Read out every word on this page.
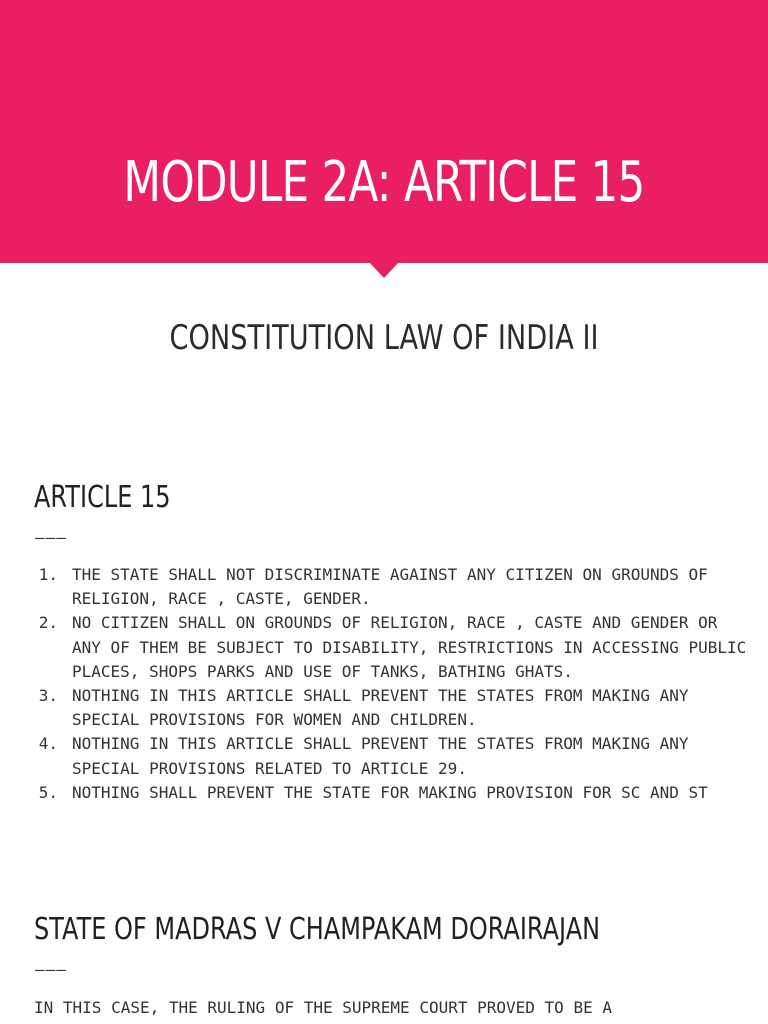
MODULE 2A: ARTICLE 15
CONSTITUTION LAW OF INDIA II
ARTICLE 15
———
1. THE STATE SHALL NOT DISCRIMINATE AGAINST ANY CITIZEN ON GROUNDS OF RELIGION, RACE , CASTE, GENDER.
2. NO CITIZEN SHALL ON GROUNDS OF RELIGION, RACE , CASTE AND GENDER OR ANY OF THEM BE SUBJECT TO DISABILITY, RESTRICTIONS IN ACCESSING PUBLIC PLACES, SHOPS PARKS AND USE OF TANKS, BATHING GHATS.
3. NOTHING IN THIS ARTICLE SHALL PREVENT THE STATES FROM MAKING ANY SPECIAL PROVISIONS FOR WOMEN AND CHILDREN.
4. NOTHING IN THIS ARTICLE SHALL PREVENT THE STATES FROM MAKING ANY SPECIAL PROVISIONS RELATED TO ARTICLE 29.
5. NOTHING SHALL PREVENT THE STATE FOR MAKING PROVISION FOR SC AND ST
STATE OF MADRAS V CHAMPAKAM DORAIRAJAN
———
IN THIS CASE, THE RULING OF THE SUPREME COURT PROVED TO BE A
